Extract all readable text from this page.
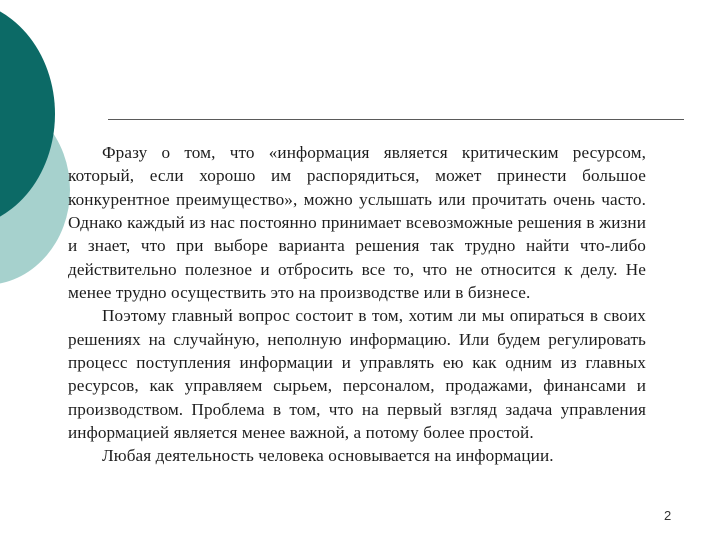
Фразу о том, что «информация является критическим ресурсом, который, если хорошо им распорядиться, может принести большое конкурентное преимущество», можно услышать или прочитать очень часто. Однако каждый из нас постоянно принимает всевозможные решения в жизни и знает, что при выборе варианта решения так трудно найти что-либо действительно полезное и отбросить все то, что не относится к делу. Не менее трудно осуществить это на производстве или в бизнесе.

Поэтому главный вопрос состоит в том, хотим ли мы опираться в своих решениях на случайную, неполную информацию. Или будем регулировать процесс поступления информации и управлять ею как одним из главных ресурсов, как управляем сырьем, персоналом, продажами, финансами и производством. Проблема в том, что на первый взгляд задача управления информацией является менее важной, а потому более простой.

Любая деятельность человека основывается на информации.

2
